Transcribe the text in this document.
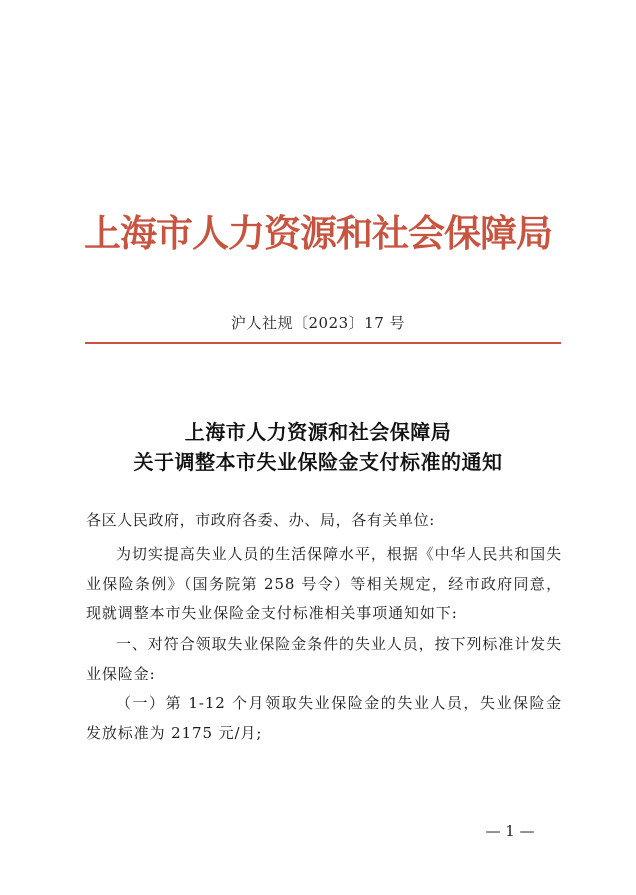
上海市人力资源和社会保障局
沪人社规〔2023〕17 号
上海市人力资源和社会保障局
关于调整本市失业保险金支付标准的通知
各区人民政府，市政府各委、办、局，各有关单位:
为切实提高失业人员的生活保障水平，根据《中华人民共和国失业保险条例》（国务院第 258 号令）等相关规定，经市政府同意，现就调整本市失业保险金支付标准相关事项通知如下:
一、对符合领取失业保险金条件的失业人员，按下列标准计发失业保险金:
（一）第 1-12 个月领取失业保险金的失业人员，失业保险金发放标准为 2175 元/月;
— 1 —
